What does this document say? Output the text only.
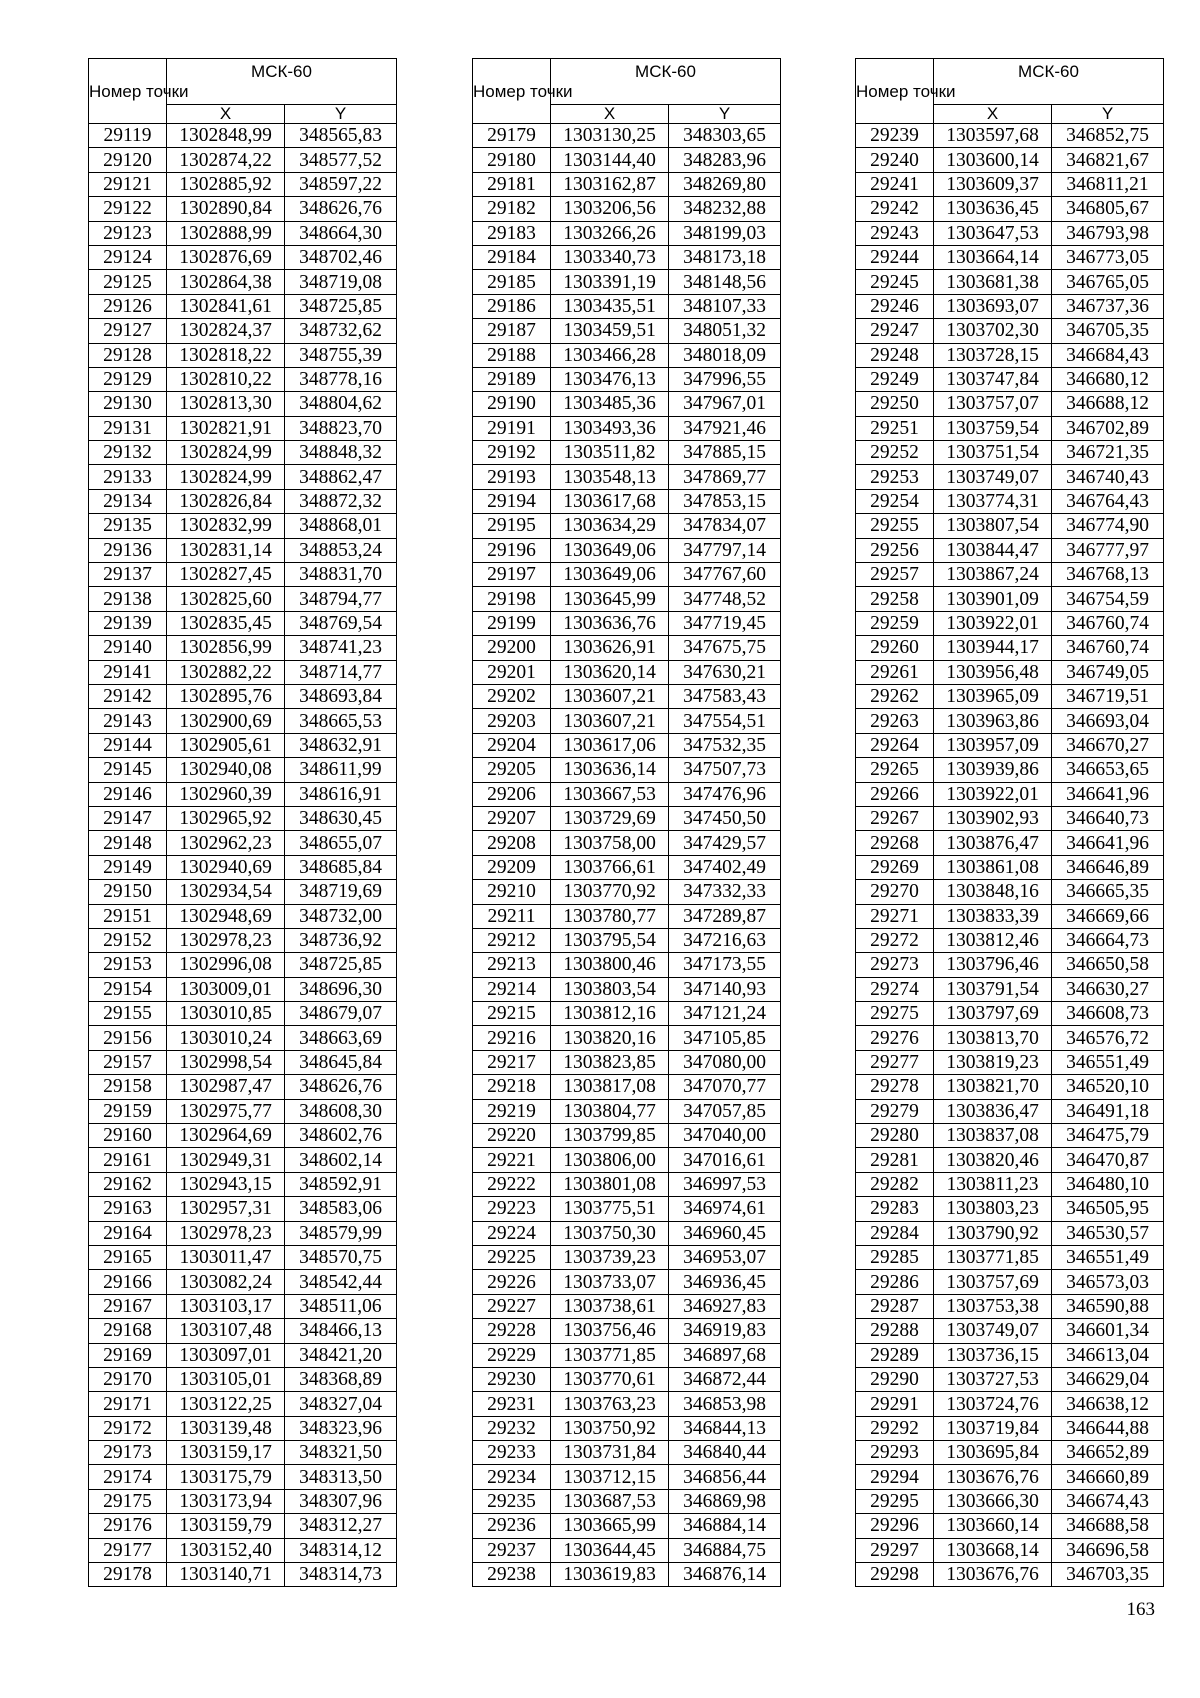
Номер точки	МСК-60	
	X	Y
29119	1302848,99	348565,83
29120	1302874,22	348577,52
29121	1302885,92	348597,22
29122	1302890,84	348626,76
29123	1302888,99	348664,30
29124	1302876,69	348702,46
29125	1302864,38	348719,08
29126	1302841,61	348725,85
29127	1302824,37	348732,62
29128	1302818,22	348755,39
29129	1302810,22	348778,16
29130	1302813,30	348804,62
29131	1302821,91	348823,70
29132	1302824,99	348848,32
29133	1302824,99	348862,47
29134	1302826,84	348872,32
29135	1302832,99	348868,01
29136	1302831,14	348853,24
29137	1302827,45	348831,70
29138	1302825,60	348794,77
29139	1302835,45	348769,54
29140	1302856,99	348741,23
29141	1302882,22	348714,77
29142	1302895,76	348693,84
29143	1302900,69	348665,53
29144	1302905,61	348632,91
29145	1302940,08	348611,99
29146	1302960,39	348616,91
29147	1302965,92	348630,45
29148	1302962,23	348655,07
29149	1302940,69	348685,84
29150	1302934,54	348719,69
29151	1302948,69	348732,00
29152	1302978,23	348736,92
29153	1302996,08	348725,85
29154	1303009,01	348696,30
29155	1303010,85	348679,07
29156	1303010,24	348663,69
29157	1302998,54	348645,84
29158	1302987,47	348626,76
29159	1302975,77	348608,30
29160	1302964,69	348602,76
29161	1302949,31	348602,14
29162	1302943,15	348592,91
29163	1302957,31	348583,06
29164	1302978,23	348579,99
29165	1303011,47	348570,75
29166	1303082,24	348542,44
29167	1303103,17	348511,06
29168	1303107,48	348466,13
29169	1303097,01	348421,20
29170	1303105,01	348368,89
29171	1303122,25	348327,04
29172	1303139,48	348323,96
29173	1303159,17	348321,50
29174	1303175,79	348313,50
29175	1303173,94	348307,96
29176	1303159,79	348312,27
29177	1303152,40	348314,12
29178	1303140,71	348314,73
Номер точки	МСК-60	
	X	Y
29179	1303130,25	348303,65
29180	1303144,40	348283,96
29181	1303162,87	348269,80
29182	1303206,56	348232,88
29183	1303266,26	348199,03
29184	1303340,73	348173,18
29185	1303391,19	348148,56
29186	1303435,51	348107,33
29187	1303459,51	348051,32
29188	1303466,28	348018,09
29189	1303476,13	347996,55
29190	1303485,36	347967,01
29191	1303493,36	347921,46
29192	1303511,82	347885,15
29193	1303548,13	347869,77
29194	1303617,68	347853,15
29195	1303634,29	347834,07
29196	1303649,06	347797,14
29197	1303649,06	347767,60
29198	1303645,99	347748,52
29199	1303636,76	347719,45
29200	1303626,91	347675,75
29201	1303620,14	347630,21
29202	1303607,21	347583,43
29203	1303607,21	347554,51
29204	1303617,06	347532,35
29205	1303636,14	347507,73
29206	1303667,53	347476,96
29207	1303729,69	347450,50
29208	1303758,00	347429,57
29209	1303766,61	347402,49
29210	1303770,92	347332,33
29211	1303780,77	347289,87
29212	1303795,54	347216,63
29213	1303800,46	347173,55
29214	1303803,54	347140,93
29215	1303812,16	347121,24
29216	1303820,16	347105,85
29217	1303823,85	347080,00
29218	1303817,08	347070,77
29219	1303804,77	347057,85
29220	1303799,85	347040,00
29221	1303806,00	347016,61
29222	1303801,08	346997,53
29223	1303775,51	346974,61
29224	1303750,30	346960,45
29225	1303739,23	346953,07
29226	1303733,07	346936,45
29227	1303738,61	346927,83
29228	1303756,46	346919,83
29229	1303771,85	346897,68
29230	1303770,61	346872,44
29231	1303763,23	346853,98
29232	1303750,92	346844,13
29233	1303731,84	346840,44
29234	1303712,15	346856,44
29235	1303687,53	346869,98
29236	1303665,99	346884,14
29237	1303644,45	346884,75
29238	1303619,83	346876,14
Номер точки	МСК-60	
	X	Y
29239	1303597,68	346852,75
29240	1303600,14	346821,67
29241	1303609,37	346811,21
29242	1303636,45	346805,67
29243	1303647,53	346793,98
29244	1303664,14	346773,05
29245	1303681,38	346765,05
29246	1303693,07	346737,36
29247	1303702,30	346705,35
29248	1303728,15	346684,43
29249	1303747,84	346680,12
29250	1303757,07	346688,12
29251	1303759,54	346702,89
29252	1303751,54	346721,35
29253	1303749,07	346740,43
29254	1303774,31	346764,43
29255	1303807,54	346774,90
29256	1303844,47	346777,97
29257	1303867,24	346768,13
29258	1303901,09	346754,59
29259	1303922,01	346760,74
29260	1303944,17	346760,74
29261	1303956,48	346749,05
29262	1303965,09	346719,51
29263	1303963,86	346693,04
29264	1303957,09	346670,27
29265	1303939,86	346653,65
29266	1303922,01	346641,96
29267	1303902,93	346640,73
29268	1303876,47	346641,96
29269	1303861,08	346646,89
29270	1303848,16	346665,35
29271	1303833,39	346669,66
29272	1303812,46	346664,73
29273	1303796,46	346650,58
29274	1303791,54	346630,27
29275	1303797,69	346608,73
29276	1303813,70	346576,72
29277	1303819,23	346551,49
29278	1303821,70	346520,10
29279	1303836,47	346491,18
29280	1303837,08	346475,79
29281	1303820,46	346470,87
29282	1303811,23	346480,10
29283	1303803,23	346505,95
29284	1303790,92	346530,57
29285	1303771,85	346551,49
29286	1303757,69	346573,03
29287	1303753,38	346590,88
29288	1303749,07	346601,34
29289	1303736,15	346613,04
29290	1303727,53	346629,04
29291	1303724,76	346638,12
29292	1303719,84	346644,88
29293	1303695,84	346652,89
29294	1303676,76	346660,89
29295	1303666,30	346674,43
29296	1303660,14	346688,58
29297	1303668,14	346696,58
29298	1303676,76	346703,35
163
